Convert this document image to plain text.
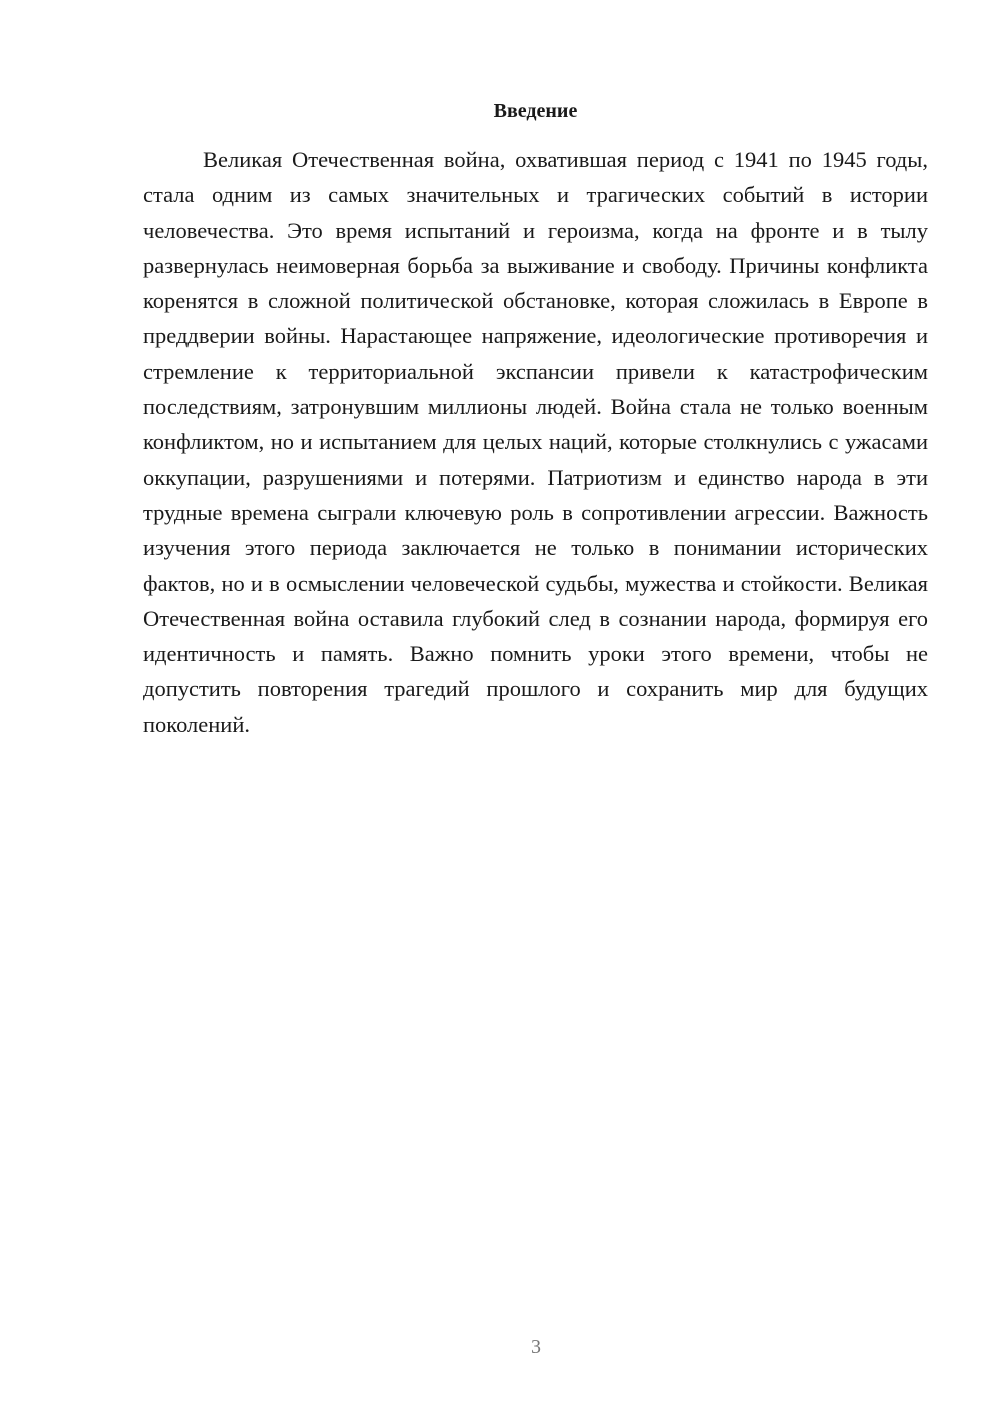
Введение

Великая Отечественная война, охватившая период с 1941 по 1945 годы, стала одним из самых значительных и трагических событий в истории человечества. Это время испытаний и героизма, когда на фронте и в тылу развернулась неимоверная борьба за выживание и свободу. Причины конфликта коренятся в сложной политической обстановке, которая сложилась в Европе в преддверии войны. Нарастающее напряжение, идеологические противоречия и стремление к территориальной экспансии привели к катастрофическим последствиям, затронувшим миллионы людей. Война стала не только военным конфликтом, но и испытанием для целых наций, которые столкнулись с ужасами оккупации, разрушениями и потерями. Патриотизм и единство народа в эти трудные времена сыграли ключевую роль в сопротивлении агрессии. Важность изучения этого периода заключается не только в понимании исторических фактов, но и в осмыслении человеческой судьбы, мужества и стойкости. Великая Отечественная война оставила глубокий след в сознании народа, формируя его идентичность и память. Важно помнить уроки этого времени, чтобы не допустить повторения трагедий прошлого и сохранить мир для будущих поколений.

3
